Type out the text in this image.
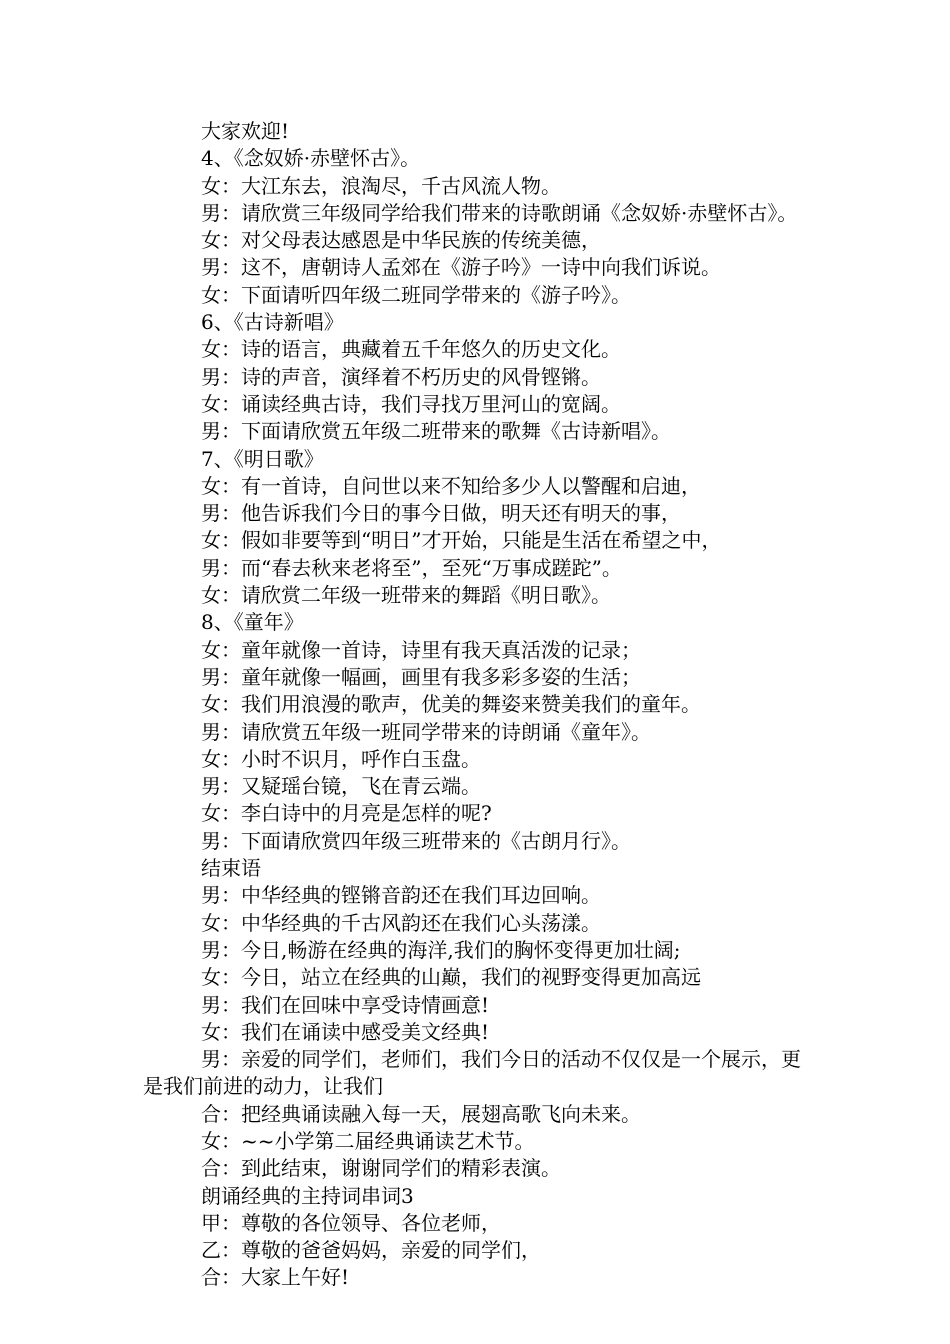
大家欢迎!
4、《念奴娇·赤壁怀古》。
女：大江东去，浪淘尽，千古风流人物。
男：请欣赏三年级同学给我们带来的诗歌朗诵《念奴娇·赤壁怀古》。
女：对父母表达感恩是中华民族的传统美德，
男：这不，唐朝诗人孟郊在《游子吟》一诗中向我们诉说。
女：下面请听四年级二班同学带来的《游子吟》。
6、《古诗新唱》
女：诗的语言，典藏着五千年悠久的历史文化。
男：诗的声音，演绎着不朽历史的风骨铿锵。
女：诵读经典古诗，我们寻找万里河山的宽阔。
男：下面请欣赏五年级二班带来的歌舞《古诗新唱》。
7、《明日歌》
女：有一首诗，自问世以来不知给多少人以警醒和启迪，
男：他告诉我们今日的事今日做，明天还有明天的事，
女：假如非要等到“明日”才开始，只能是生活在希望之中，
男：而“春去秋来老将至”，至死“万事成蹉跎”。
女：请欣赏二年级一班带来的舞蹈《明日歌》。
8、《童年》
女：童年就像一首诗，诗里有我天真活泼的记录；
男：童年就像一幅画，画里有我多彩多姿的生活；
女：我们用浪漫的歌声，优美的舞姿来赞美我们的童年。
男：请欣赏五年级一班同学带来的诗朗诵《童年》。
女：小时不识月，呼作白玉盘。
男：又疑瑶台镜，飞在青云端。
女：李白诗中的月亮是怎样的呢?
男：下面请欣赏四年级三班带来的《古朗月行》。
结束语
男：中华经典的铿锵音韵还在我们耳边回响。
女：中华经典的千古风韵还在我们心头荡漾。
男：今日,畅游在经典的海洋,我们的胸怀变得更加壮阔;
女：今日，站立在经典的山巅，我们的视野变得更加高远
男：我们在回味中享受诗情画意!
女：我们在诵读中感受美文经典!
男：亲爱的同学们，老师们，我们今日的活动不仅仅是一个展示，更是我们前进的动力，让我们
合：把经典诵读融入每一天，展翅高歌飞向未来。
女：~~小学第二届经典诵读艺术节。
合：到此结束，谢谢同学们的精彩表演。
朗诵经典的主持词串词3
甲：尊敬的各位领导、各位老师，
乙：尊敬的爸爸妈妈，亲爱的同学们，
合：大家上午好!
